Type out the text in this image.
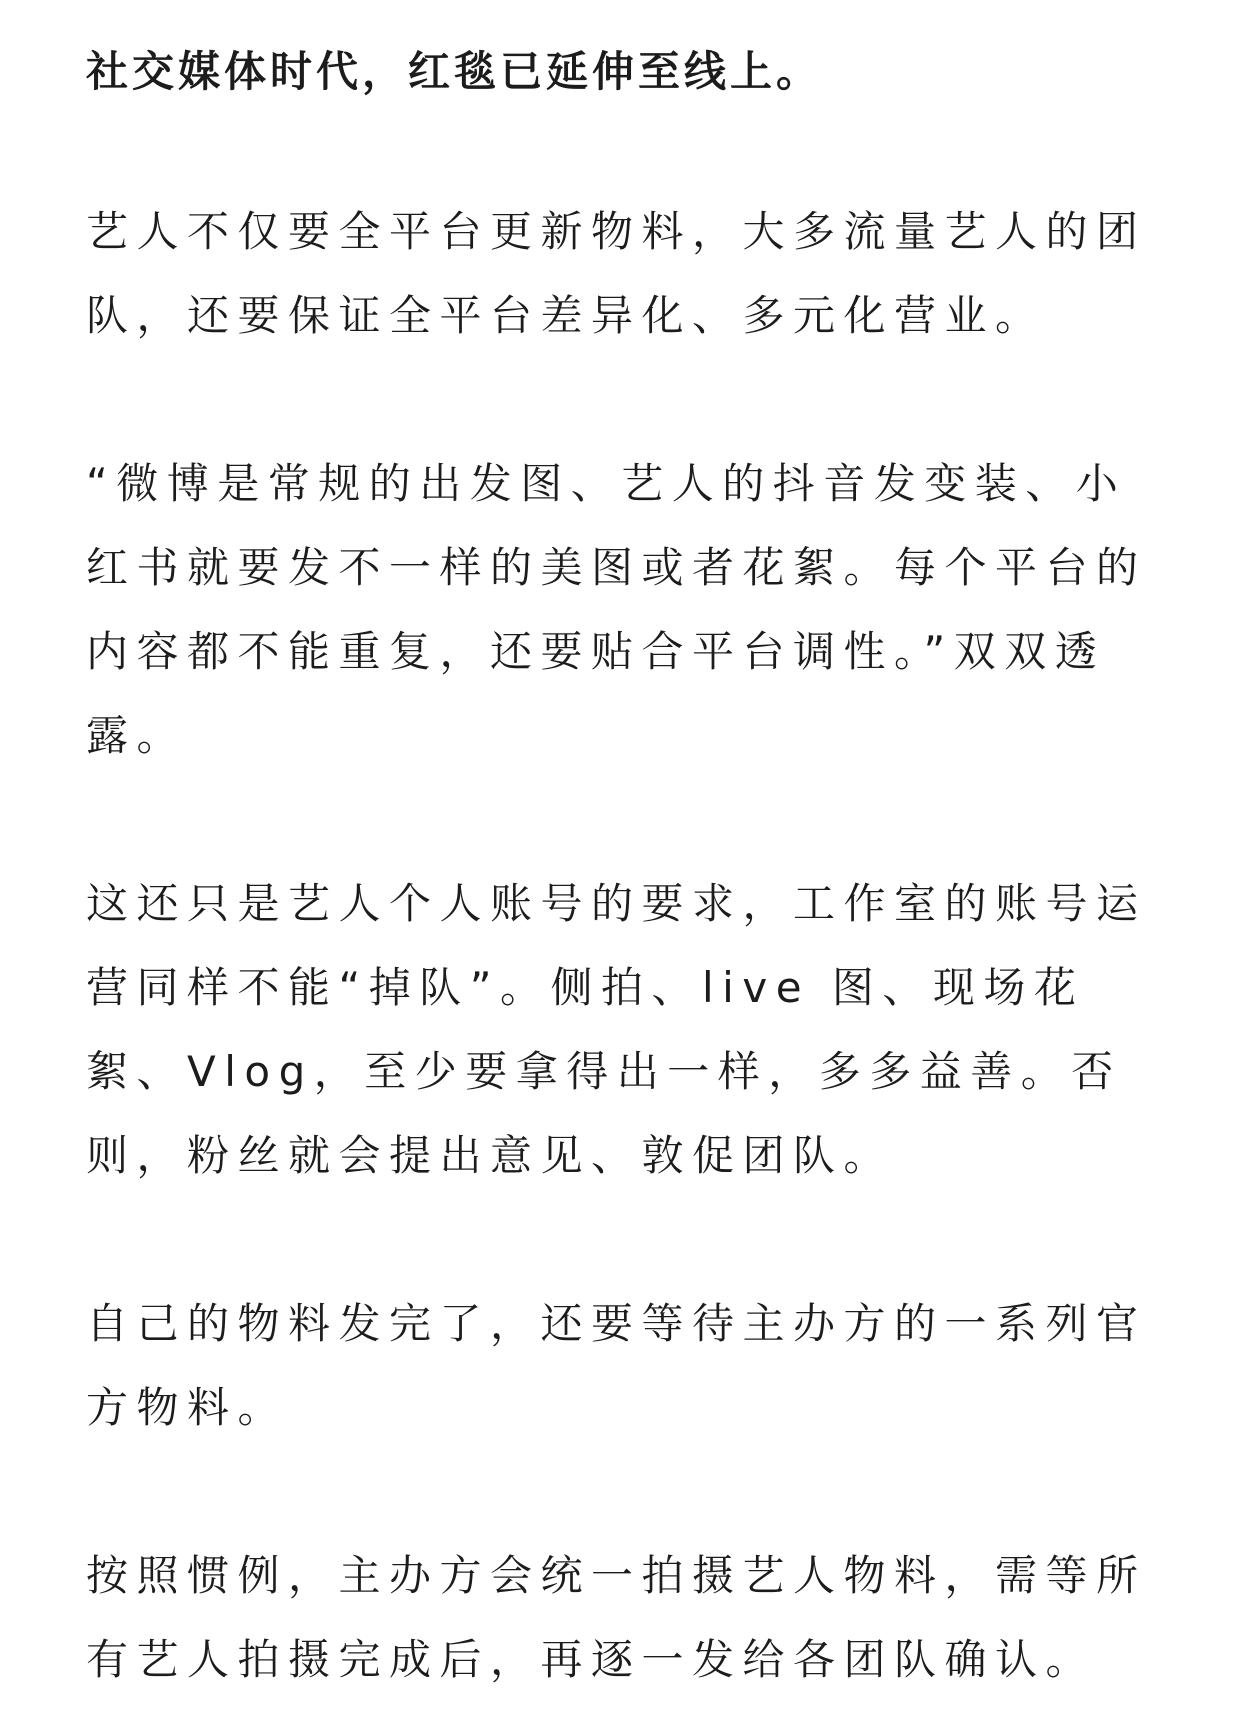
社交媒体时代，红毯已延伸至线上。
艺人不仅要全平台更新物料，大多流量艺人的团队，还要保证全平台差异化、多元化营业。
“微博是常规的出发图、艺人的抖音发变装、小红书就要发不一样的美图或者花絮。每个平台的内容都不能重复，还要贴合平台调性。”双双透露。
这还只是艺人个人账号的要求，工作室的账号运营同样不能“掉队”。侧拍、live 图、现场花絮、Vlog，至少要拿得出一样，多多益善。否则，粉丝就会提出意见、敦促团队。
自己的物料发完了，还要等待主办方的一系列官方物料。
按照惯例，主办方会统一拍摄艺人物料，需等所有艺人拍摄完成后，再逐一发给各团队确认。
